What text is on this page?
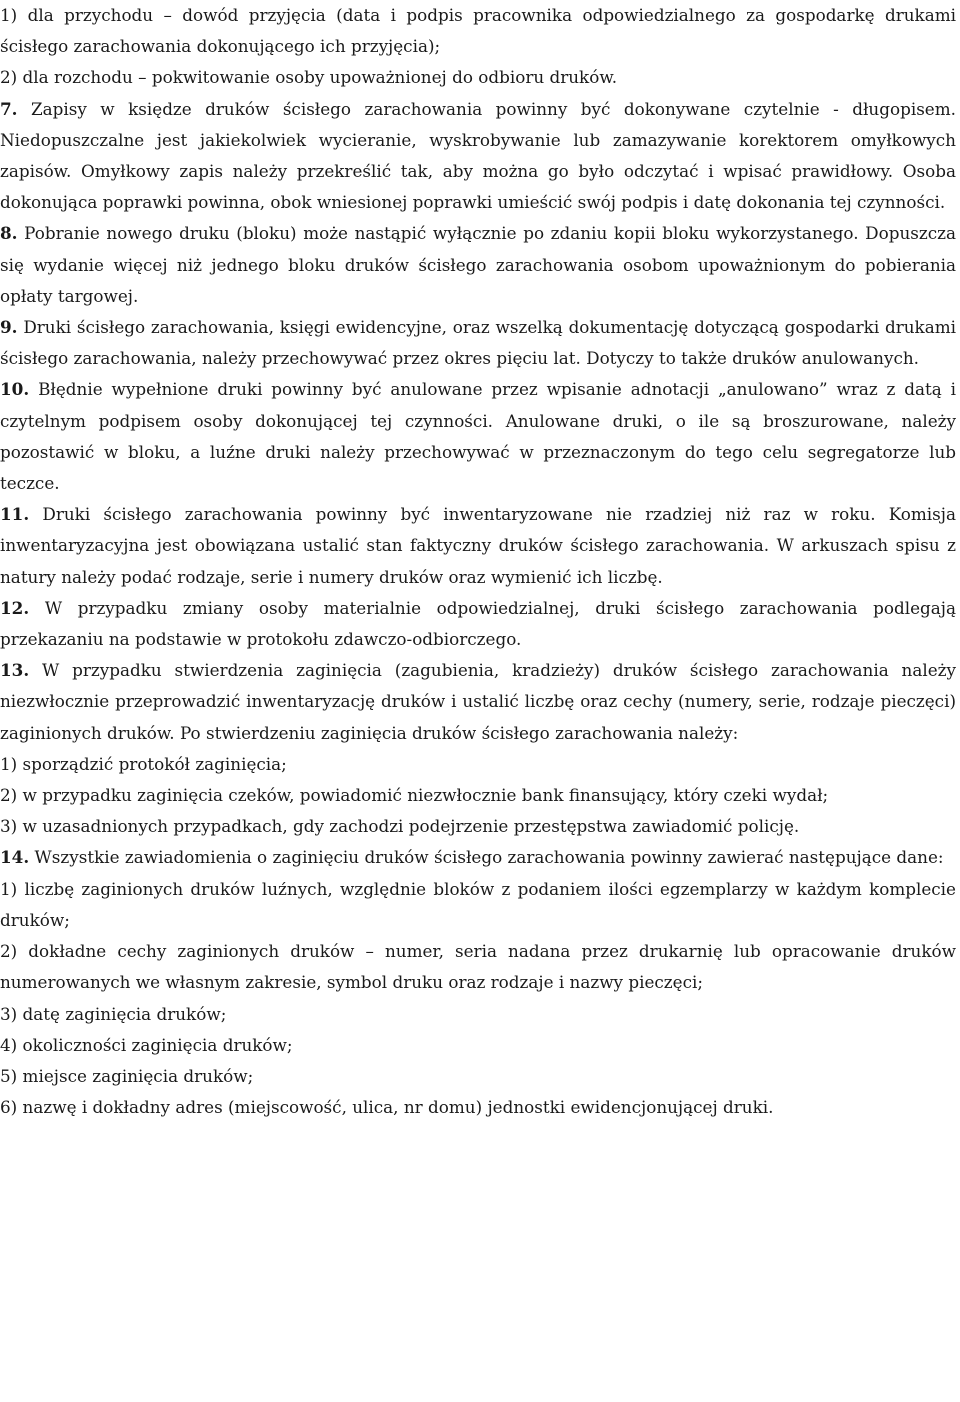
1) dla przychodu – dowód przyjęcia (data i podpis pracownika odpowiedzialnego za gospodarkę drukami ścisłego zarachowania dokonującego ich przyjęcia);

2) dla rozchodu – pokwitowanie osoby upoważnionej do odbioru druków.

7. Zapisy w księdze druków ścisłego zarachowania powinny być dokonywane czytelnie - długopisem. Niedopuszczalne jest jakiekolwiek wycieranie, wyskrobywanie lub zamazywanie korektorem omyłkowych zapisów. Omyłkowy zapis należy przekreślić tak, aby można go było odczytać i wpisać prawidłowy. Osoba dokonująca poprawki powinna, obok wniesionej poprawki umieścić swój podpis i datę dokonania tej czynności.

8. Pobranie nowego druku (bloku) może nastąpić wyłącznie po zdaniu kopii bloku wykorzystanego. Dopuszcza się wydanie więcej niż jednego bloku druków ścisłego zarachowania osobom upoważnionym do pobierania opłaty targowej.

9. Druki ścisłego zarachowania, księgi ewidencyjne, oraz wszelką dokumentację dotyczącą gospodarki drukami ścisłego zarachowania, należy przechowywać przez okres pięciu lat. Dotyczy to także druków anulowanych.

10. Błędnie wypełnione druki powinny być anulowane przez wpisanie adnotacji „anulowano” wraz z datą i czytelnym podpisem osoby dokonującej tej czynności. Anulowane druki, o ile są broszurowane, należy pozostawić w bloku, a luźne druki należy przechowywać w przeznaczonym do tego celu segregatorze lub teczce.

11. Druki ścisłego zarachowania powinny być inwentaryzowane nie rzadziej niż raz w roku. Komisja inwentaryzacyjna jest obowiązana ustalić stan faktyczny druków ścisłego zarachowania. W arkuszach spisu z natury należy podać rodzaje, serie i numery druków oraz wymienić ich liczbę.

12. W przypadku zmiany osoby materialnie odpowiedzialnej, druki ścisłego zarachowania podlegają przekazaniu na podstawie w protokołu zdawczo-odbiorczego.

13. W przypadku stwierdzenia zaginięcia (zagubienia, kradzieży) druków ścisłego zarachowania należy niezwłocznie przeprowadzić inwentaryzację druków i ustalić liczbę oraz cechy (numery, serie, rodzaje pieczęci) zaginionych druków. Po stwierdzeniu zaginięcia druków ścisłego zarachowania należy:

1) sporządzić protokół zaginięcia;

2) w przypadku zaginięcia czeków, powiadomić niezwłocznie bank finansujący, który czeki wydał;

3) w uzasadnionych przypadkach, gdy zachodzi podejrzenie przestępstwa zawiadomić policję.

14. Wszystkie zawiadomienia o zaginięciu druków ścisłego zarachowania powinny zawierać następujące dane:

1) liczbę zaginionych druków luźnych, względnie bloków z podaniem ilości egzemplarzy w każdym komplecie druków;

2) dokładne cechy zaginionych druków – numer, seria nadana przez drukarnię lub opracowanie druków numerowanych we własnym zakresie, symbol druku oraz rodzaje i nazwy pieczęci;

3) datę zaginięcia druków;

4) okoliczności zaginięcia druków;

5) miejsce zaginięcia druków;

6) nazwę i dokładny adres (miejscowość, ulica, nr domu) jednostki ewidencjonującej druki.
